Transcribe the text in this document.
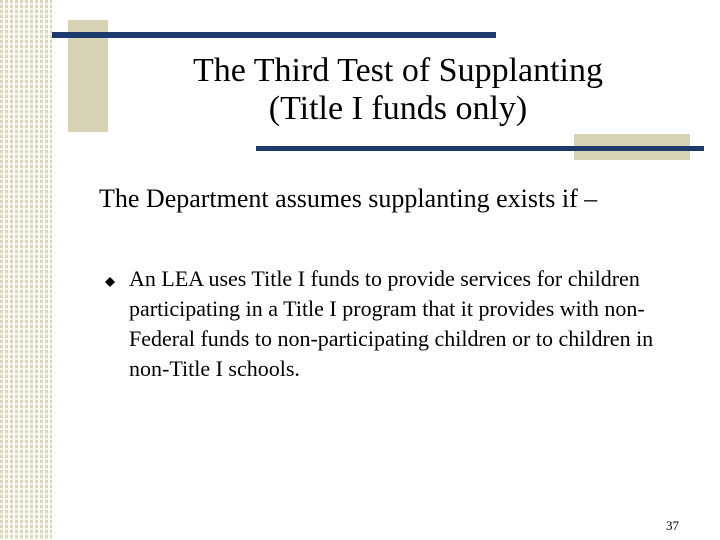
The Third Test of Supplanting
(Title I funds only)

The Department assumes supplanting exists if –

An LEA uses Title I funds to provide services for children participating in a Title I program that it provides with non-Federal funds to non-participating children or to children in non-Title I schools.

37
